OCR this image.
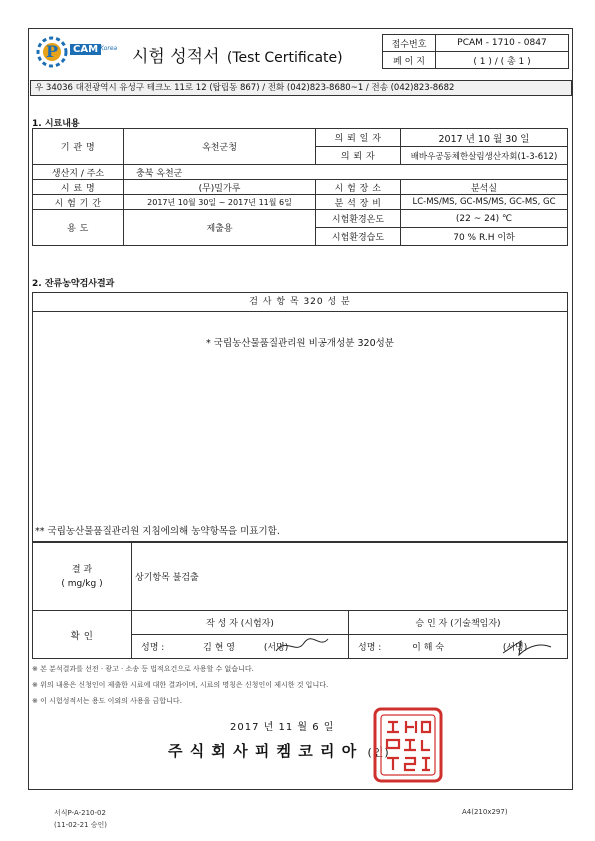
P	CAM Korea 시험 성적서 (Test Certificate)
접수번호	PCAM - 1710 - 0847
페 이 지	( 1 ) / ( 총 1 )
우 34036 대전광역시 유성구 테크노 11로 12 (탑립동 867) / 전화 (042)823-8680~1 / 전송 (042)823-8682
1. 시료내용
기 관 명	옥천군청	의 뢰 일 자	2017 년 10 월 30 일
		의 뢰 자	배바우공동체한살림생산자회(1-3-612)
생산지 / 주소	충북 옥천군		
시 료 명	(무)밀가루	시 험 장 소	분석실
시 험 기 간	2017년 10월 30일 ~ 2017년 11월 6일	분 석 장 비	LC-MS/MS, GC-MS/MS, GC-MS, GC
용 도	제출용	시험환경온도	(22 ~ 24) ℃
		시험환경습도	70 % R.H 이하
2. 잔류농약검사결과
검 사 항 목 320 성 분
* 국립농산물품질관리원 비공개성분 320성분
** 국립농산물품질관리원 지침에의해 농약항목을 미표기함.
결 과
( mg/kg )
	상기항목 불검출
확 인	작 성 자 (시험자)	승 인 자 (기술책임자)
	성명 : 김 현 영 (서명)	성명 : 이 해 숙 (서명)
※ 본 분석결과를 선전 · 광고 · 소송 등 법적요건으로 사용할 수 없습니다.
※ 위의 내용은 신청인이 제출한 시료에 대한 결과이며, 시료의 명칭은 신청인이 제시한 것 입니다.
※ 이 시험성적서는 용도 이외의 사용을 금합니다.
2017 년 11 월 6 일
주 식 회 사 피 켐 코 리 아 (인)
서식P-A-210-02
(11-02-21 승인)
A4(210x297)
